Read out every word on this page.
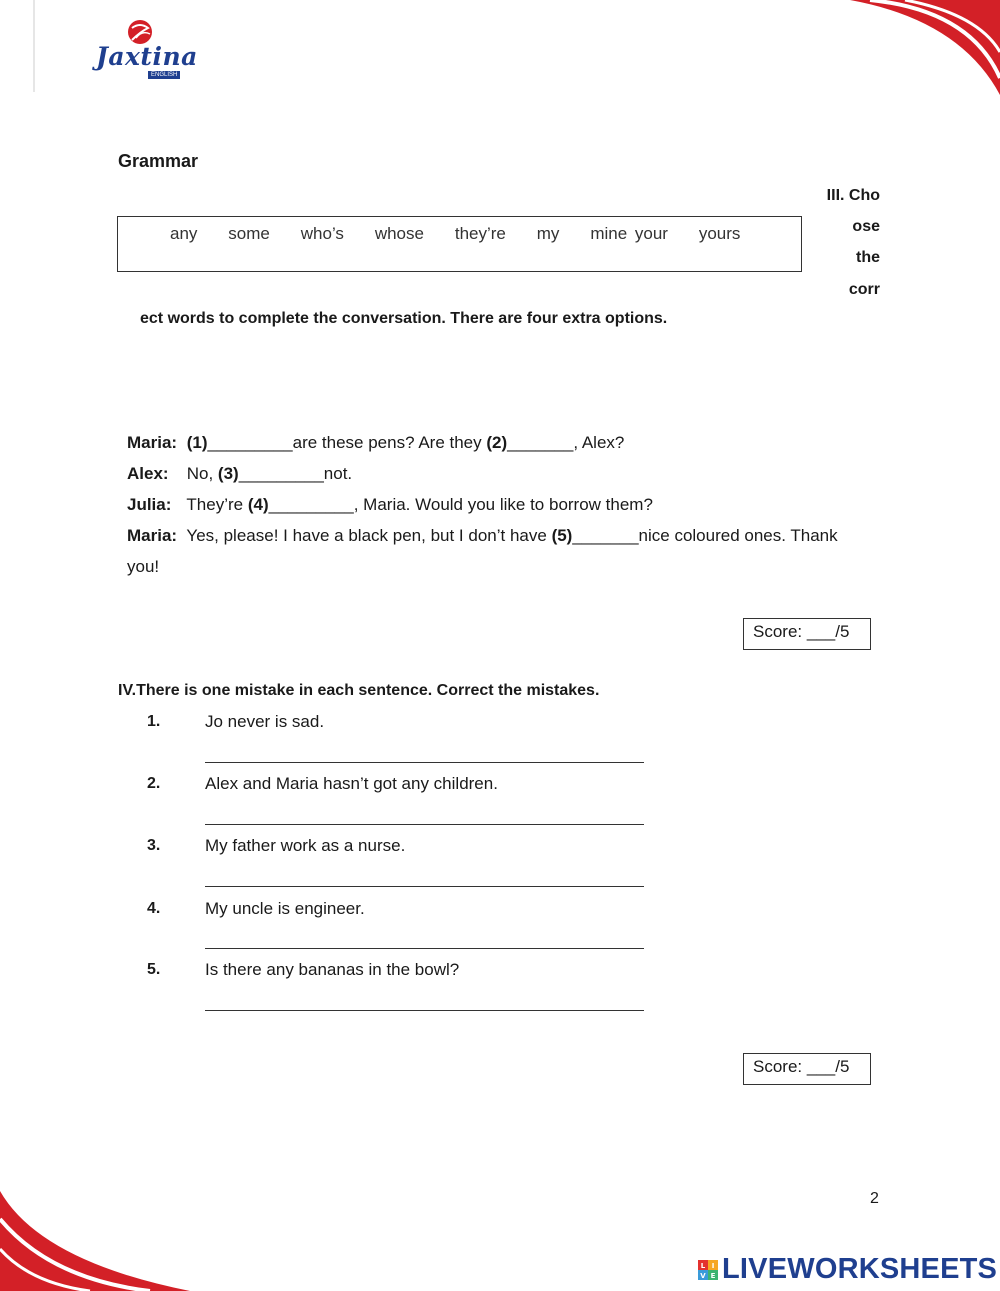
Jaxtina
ENGLISH
Grammar
III. Cho
ose
the
corr
any    some    who’s    whose    they’re    my    mine your    yours
ect words to complete the conversation. There are four extra options.
Maria: (1)_________are these pens? Are they (2)_______, Alex?
Alex: No, (3)_________not.
Julia: They’re (4)_________, Maria. Would you like to borrow them?
Maria: Yes, please! I have a black pen, but I don’t have (5)_______nice coloured ones. Thank
you!
Score: ___/5
IV.There is one mistake in each sentence. Correct the mistakes.
1.	Jo never is sad.
2.	Alex and Maria hasn’t got any children.
3.	My father work as a nurse.
4.	My uncle is engineer.
5.	Is there any bananas in the bowl?
Score: ___/5
2
L I
V E LIVEWORKSHEETS
